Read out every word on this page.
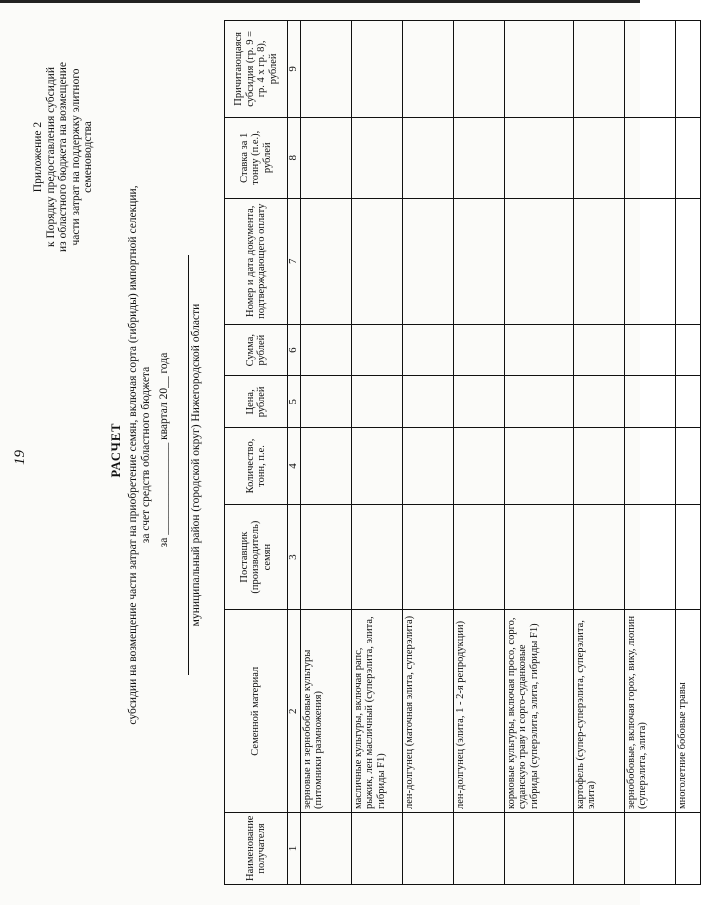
19
Приложение 2 к Порядку предоставления субсидий из областного бюджета на возмещение части затрат на поддержку элитного семеноводства
РАСЧЕТ субсидии на возмещение части затрат на приобретение семян, включая сорта (гибриды) импортной селекции, за счет средств областного бюджета за ________________ квартал 20__ года муниципальный район (городской округ) Нижегородской области
Наименование получателя	Семенной материал	Поставщик (производитель) семян	Количество, тонн, п.е.	Цена, рублей	Сумма, рублей	Номер и дата документа, подтверждающего оплату	Ставка за 1 тонну (п.е.), рублей	Причитающаяся субсидия (гр. 9 = гр. 4 х гр. 8), рублей
1	2	3	4	5	6	7	8	9
	зерновые и зернобобовые культуры (питомники размножения)							
	масличные культуры, включая рапс, рыжик, лен масличный (суперэлита, элита, гибриды F1)							
	лен-долгунец (маточная элита, суперэлита)							
	лен-долгунец (элита, 1 - 2-я репродукции)							
	кормовые культуры, включая просо, сорго, суданскую траву и сорго-суданковые гибриды (суперэлита, элита, гибриды F1)							
	картофель (супер-суперэлита, суперэлита, элита)							
	зернобобовые, включая горох, вику, люпин (суперэлита, элита)							
	многолетние бобовые травы							
